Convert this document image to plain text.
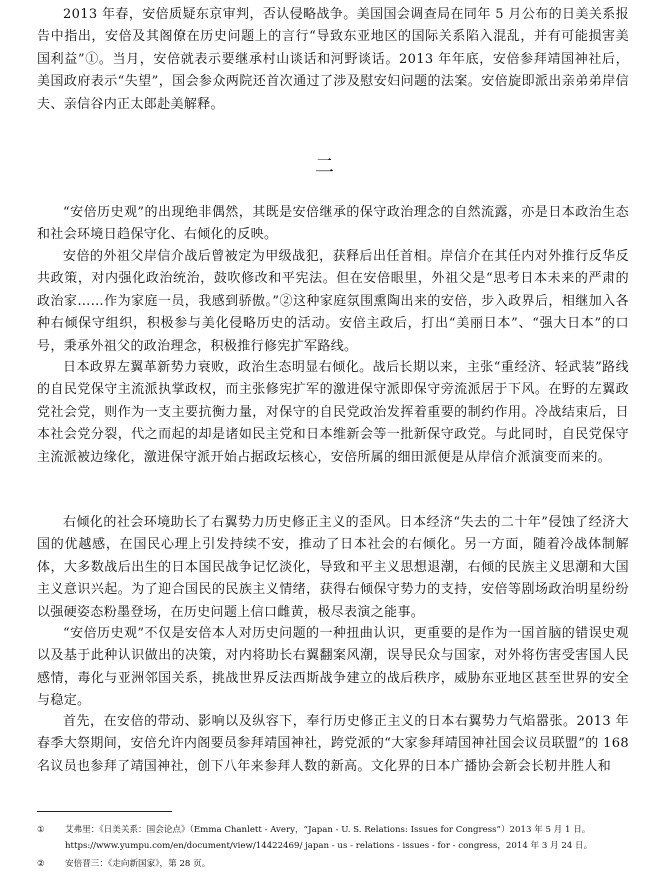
2013 年春，安倍质疑东京审判，否认侵略战争。美国国会调查局在同年 5 月公布的日美关系报告中指出，安倍及其阁僚在历史问题上的言行“导致东亚地区的国际关系陷入混乱，并有可能损害美国利益”①。当月，安倍就表示要继承村山谈话和河野谈话。2013 年年底，安倍参拜靖国神社后，美国政府表示“失望”，国会参众两院还首次通过了涉及慰安妇问题的法案。安倍旋即派出亲弟弟岸信夫、亲信谷内正太郎赴美解释。

二

“安倍历史观”的出现绝非偶然，其既是安倍继承的保守政治理念的自然流露，亦是日本政治生态和社会环境日趋保守化、右倾化的反映。

安倍的外祖父岸信介战后曾被定为甲级战犯，获释后出任首相。岸信介在其任内对外推行反华反共政策，对内强化政治统治，鼓吹修改和平宪法。但在安倍眼里，外祖父是“思考日本未来的严肃的政治家……作为家庭一员，我感到骄傲。”②这种家庭氛围熏陶出来的安倍，步入政界后，相继加入各种右倾保守组织，积极参与美化侵略历史的活动。安倍主政后，打出“美丽日本”、“强大日本”的口号，秉承外祖父的政治理念，积极推行修宪扩军路线。

日本政界左翼革新势力衰败，政治生态明显右倾化。战后长期以来，主张“重经济、轻武装”路线的自民党保守主流派执掌政权，而主张修宪扩军的激进保守派即保守旁流派居于下风。在野的左翼政党社会党，则作为一支主要抗衡力量，对保守的自民党政治发挥着重要的制约作用。冷战结束后，日本社会党分裂，代之而起的却是诸如民主党和日本维新会等一批新保守政党。与此同时，自民党保守主流派被边缘化，激进保守派开始占据政坛核心，安倍所属的细田派便是从岸信介派演变而来的。

右倾化的社会环境助长了右翼势力历史修正主义的歪风。日本经济“失去的二十年”侵蚀了经济大国的优越感，在国民心理上引发持续不安，推动了日本社会的右倾化。另一方面，随着冷战体制解体，大多数战后出生的日本国民战争记忆淡化，导致和平主义思想退潮，右倾的民族主义思潮和大国主义意识兴起。为了迎合国民的民族主义情绪，获得右倾保守势力的支持，安倍等剧场政治明星纷纷以强硬姿态粉墨登场，在历史问题上信口雌黄，极尽表演之能事。

“安倍历史观”不仅是安倍本人对历史问题的一种扭曲认识，更重要的是作为一国首脑的错误史观以及基于此种认识做出的决策，对内将助长右翼翻案风潮，误导民众与国家，对外将伤害受害国人民感情，毒化与亚洲邻国关系，挑战世界反法西斯战争建立的战后秩序，威胁东亚地区甚至世界的安全与稳定。

首先，在安倍的带动、影响以及纵容下，奉行历史修正主义的日本右翼势力气焰嚣张。2013 年春季大祭期间，安倍允许内阁要员参拜靖国神社，跨党派的“大家参拜靖国神社国会议员联盟”的 168 名议员也参拜了靖国神社，创下八年来参拜人数的新高。文化界的日本广播协会新会长籾井胜人和

① 艾弗里：《日美关系：国会论点》（Emma Chanlett - Avery，“Japan - U. S. Relations: Issues for Congress”）2013 年 5 月 1 日。
https://www.yumpu.com/en/document/view/14422469/ japan - us - relations - issues - for - congress，2014 年 3 月 24 日。

② 安倍晋三：《走向新国家》，第 28 页。
